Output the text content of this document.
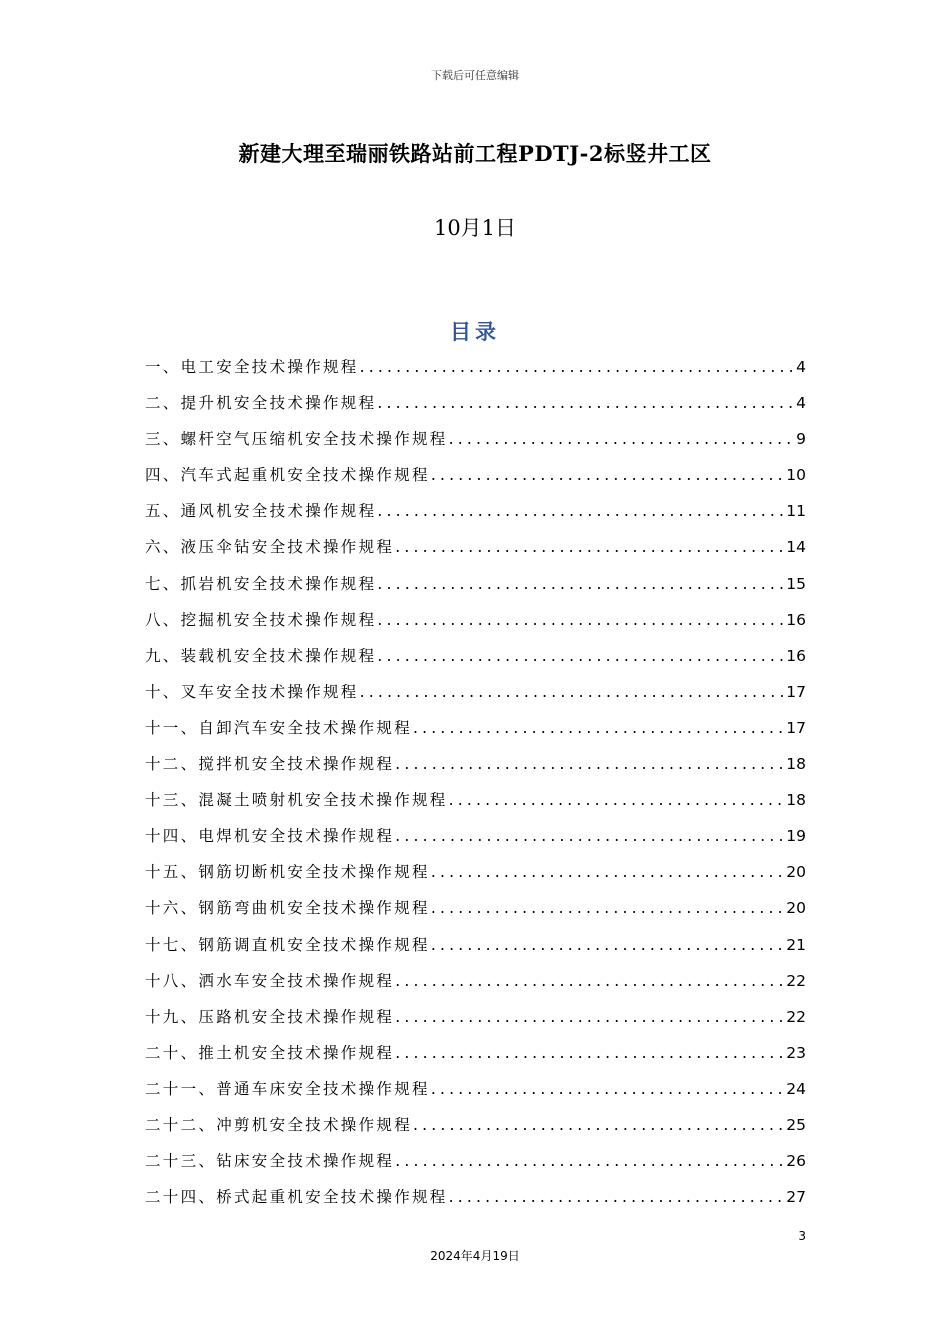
下载后可任意编辑
新建大理至瑞丽铁路站前工程PDTJ-2标竖井工区
10月1日
目录
一、电工安全技术操作规程 .....	4
二、提升机安全技术操作规程 .....	4
三、螺杆空气压缩机安全技术操作规程 .....	9
四、汽车式起重机安全技术操作规程 .....	10
五、通风机安全技术操作规程 .....	11
六、液压伞钻安全技术操作规程 .....	14
七、抓岩机安全技术操作规程 .....	15
八、挖掘机安全技术操作规程 .....	16
九、装载机安全技术操作规程 .....	16
十、叉车安全技术操作规程 .....	17
十一、自卸汽车安全技术操作规程 .....	17
十二、搅拌机安全技术操作规程 .....	18
十三、混凝土喷射机安全技术操作规程 .....	18
十四、电焊机安全技术操作规程 .....	19
十五、钢筋切断机安全技术操作规程 .....	20
十六、钢筋弯曲机安全技术操作规程 .....	20
十七、钢筋调直机安全技术操作规程 .....	21
十八、洒水车安全技术操作规程 .....	22
十九、压路机安全技术操作规程 .....	22
二十、推土机安全技术操作规程 .....	23
二十一、普通车床安全技术操作规程 .....	24
二十二、冲剪机安全技术操作规程 .....	25
二十三、钻床安全技术操作规程 .....	26
二十四、桥式起重机安全技术操作规程 .....	27
3
2024年4月19日
